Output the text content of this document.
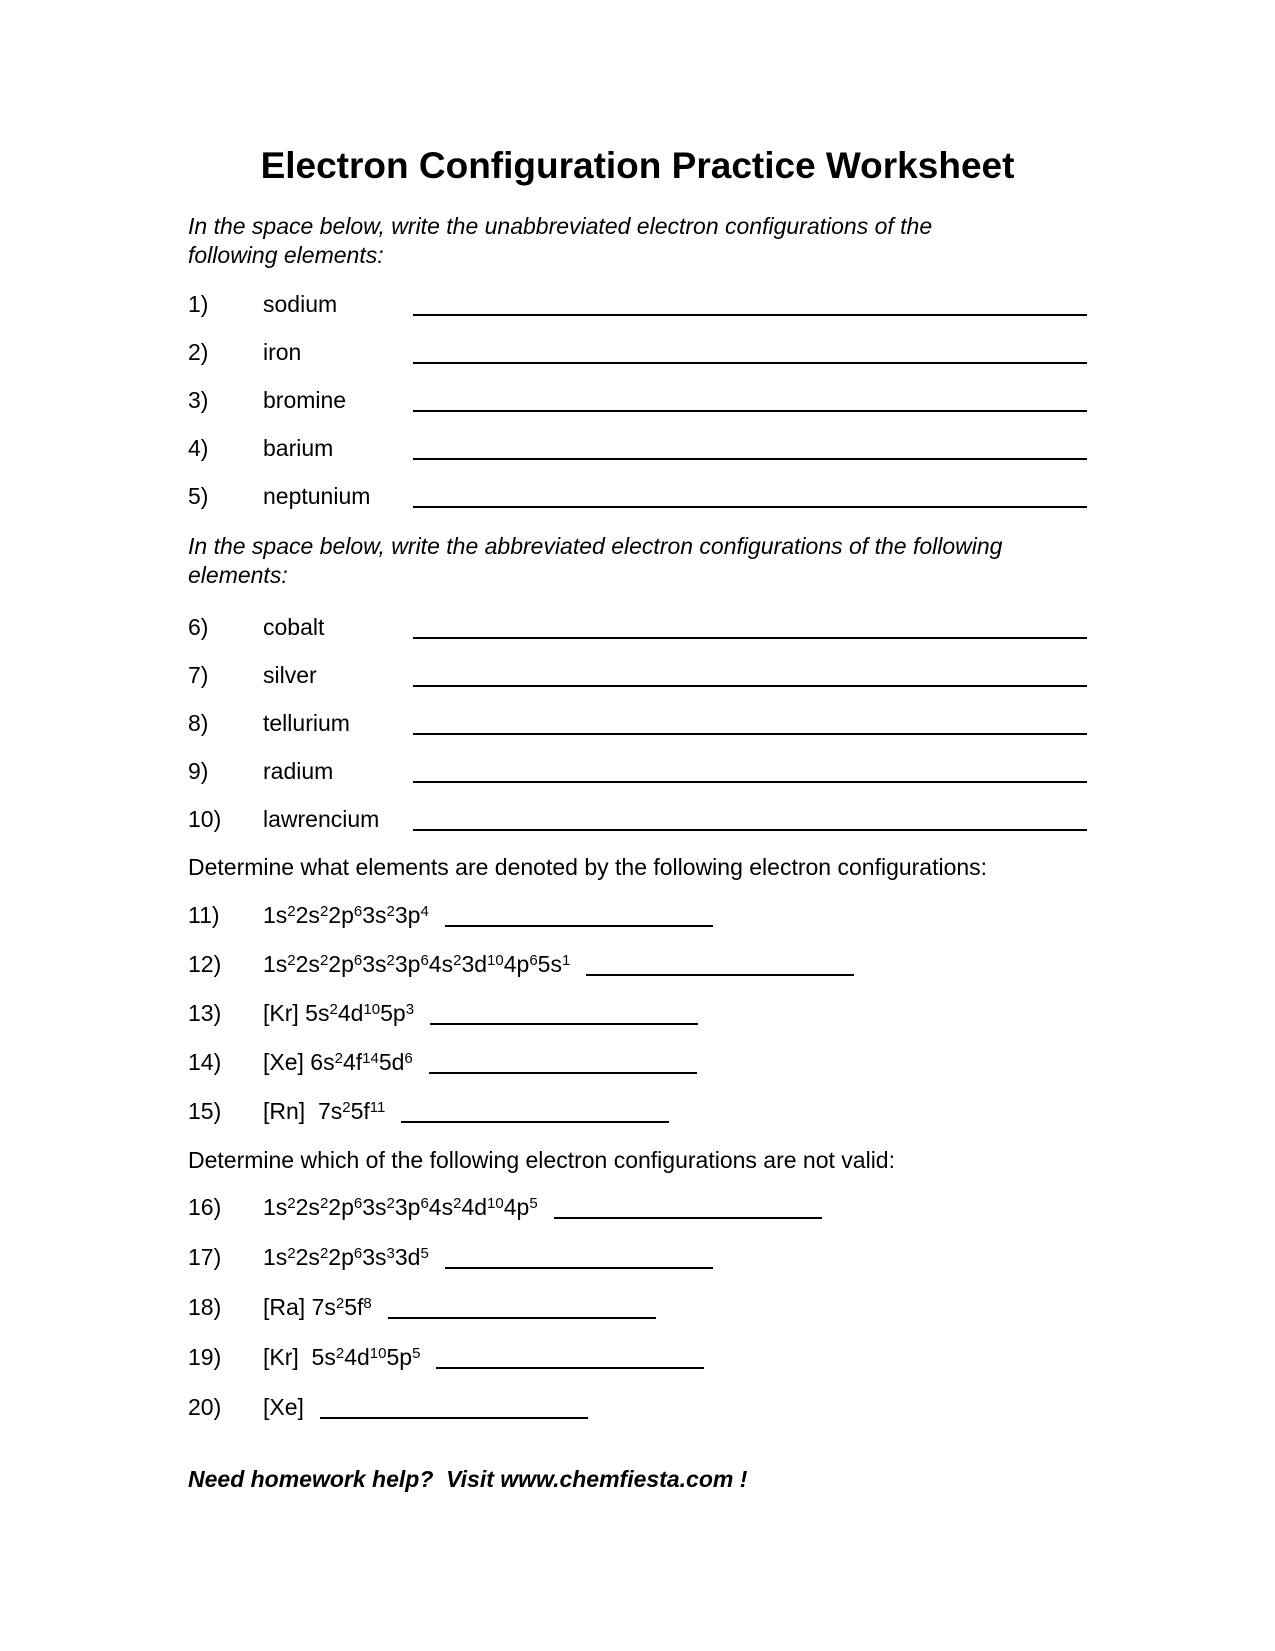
Electron Configuration Practice Worksheet
In the space below, write the unabbreviated electron configurations of the
following elements:
1) sodium
2) iron
3) bromine
4) barium
5) neptunium
In the space below, write the abbreviated electron configurations of the following
elements:
6) cobalt
7) silver
8) tellurium
9) radium
10) lawrencium
Determine what elements are denoted by the following electron configurations:
11) $1s^22s^22p^63s^23p^4$
12) $1s^22s^22p^63s^23p^64s^23d^{10}4p^65s^1$
13) [Kr] $5s^24d^{10}5p^3$
14) [Xe] $6s^24f^{14}5d^6$
15) [Rn]  $7s^25f^{11}$
Determine which of the following electron configurations are not valid:
16) $1s^22s^22p^63s^23p^64s^24d^{10}4p^5$
17) $1s^22s^22p^63s^33d^5$
18) [Ra] $7s^25f^8$
19) [Kr]  $5s^24d^{10}5p^5$
20) [Xe]
Need homework help?  Visit www.chemfiesta.com !
